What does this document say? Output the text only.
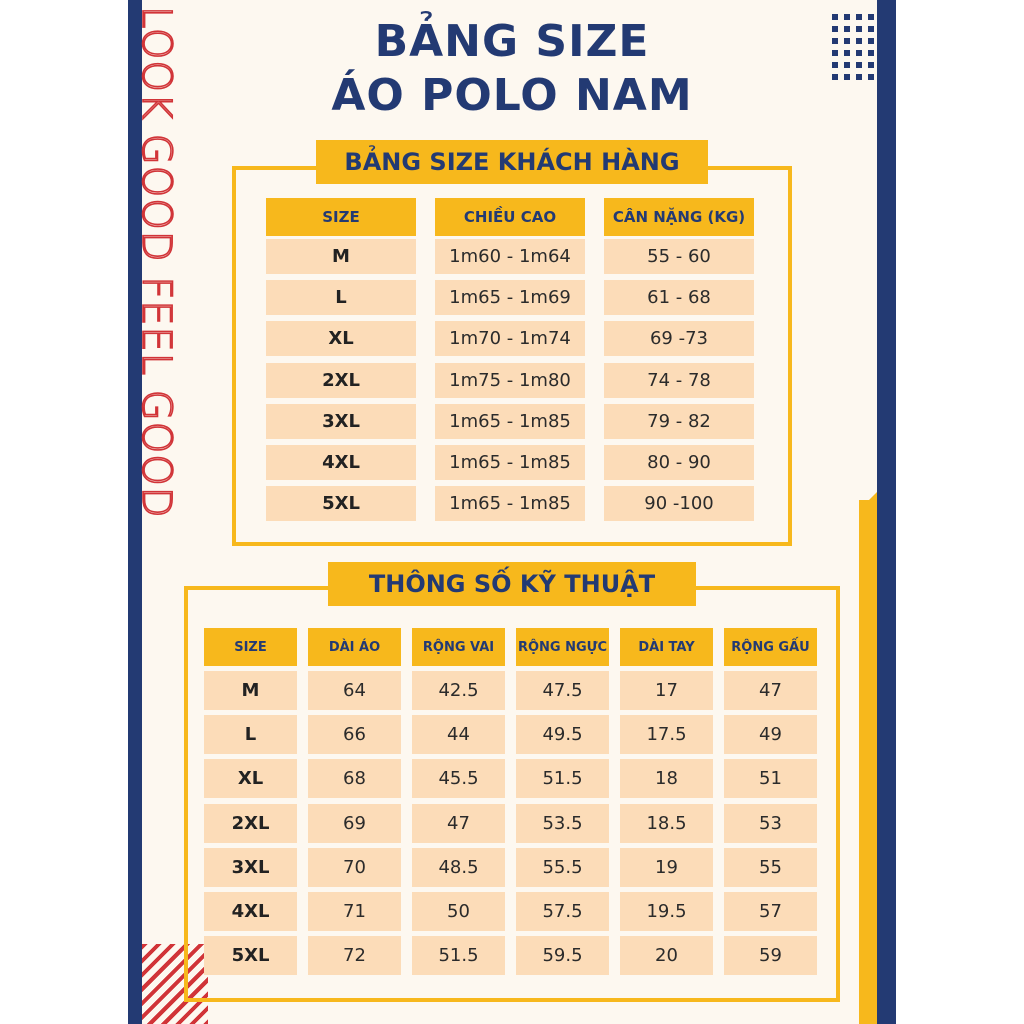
LOOK GOOD FEEL GOOD	BẢNG SIZE
ÁO POLO NAM
BẢNG SIZE KHÁCH HÀNG
SIZE	CHIỀU CAO	CÂN NẶNG (KG)
M	1m60 - 1m64	55 - 60
L	1m65 - 1m69	61 - 68
XL	1m70 - 1m74	69 -73
2XL	1m75 - 1m80	74 - 78
3XL	1m65 - 1m85	79 - 82
4XL	1m65 - 1m85	80 - 90
5XL	1m65 - 1m85	90 -100
THÔNG SỐ KỸ THUẬT
SIZE	DÀI ÁO	RỘNG VAI	RỘNG NGỰC	DÀI TAY	RỘNG GẤU
M	64	42.5	47.5	17	47
L	66	44	49.5	17.5	49
XL	68	45.5	51.5	18	51
2XL	69	47	53.5	18.5	53
3XL	70	48.5	55.5	19	55
4XL	71	50	57.5	19.5	57
5XL	72	51.5	59.5	20	59
